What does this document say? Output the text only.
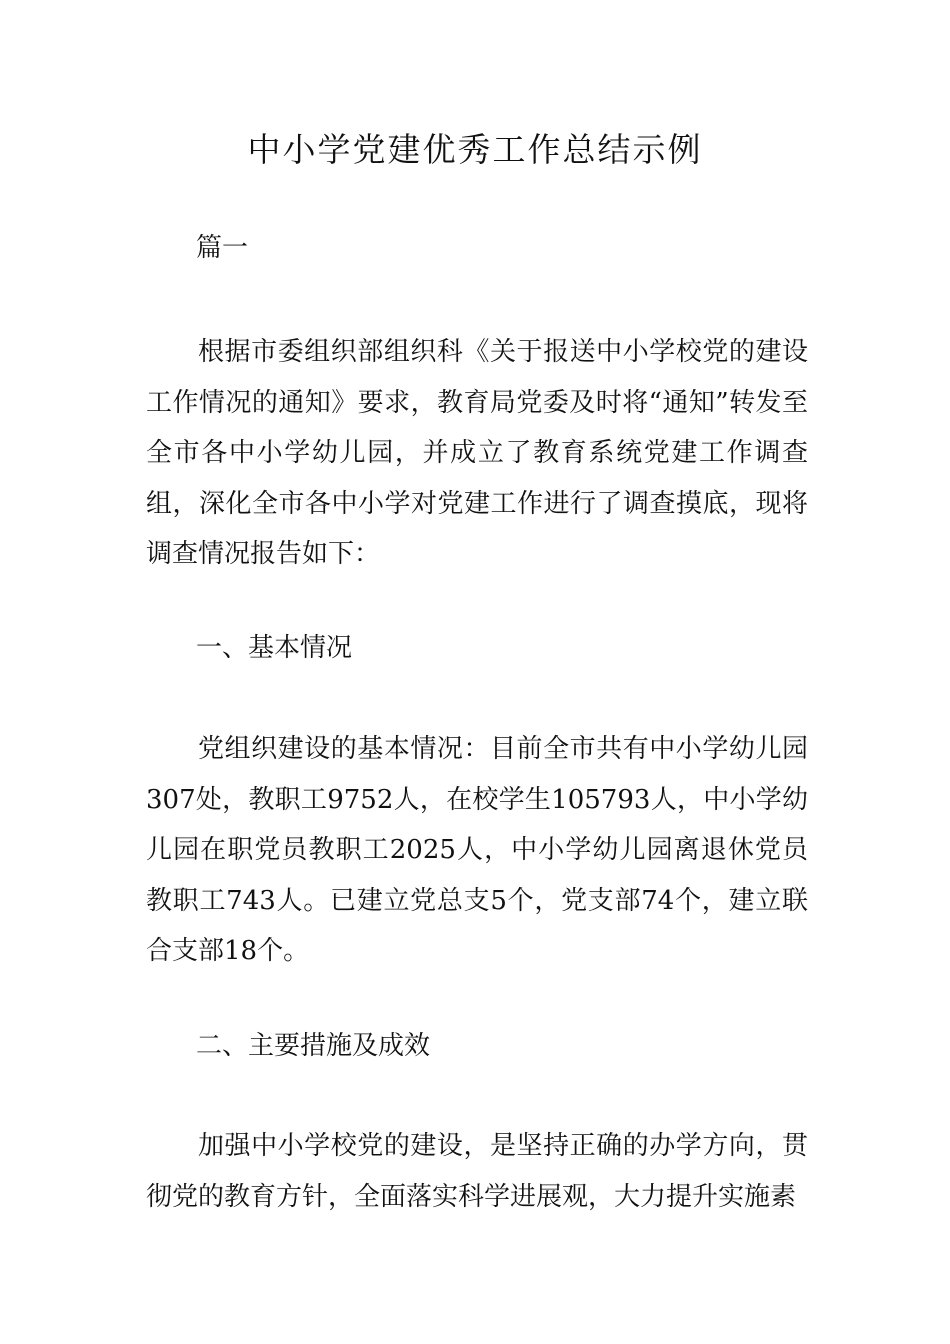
中小学党建优秀工作总结示例

篇一

根据市委组织部组织科《关于报送中小学校党的建设工作情况的通知》要求，教育局党委及时将“通知”转发至全市各中小学幼儿园，并成立了教育系统党建工作调查组，深化全市各中小学对党建工作进行了调查摸底，现将调查情况报告如下：

一、基本情况

党组织建设的基本情况：目前全市共有中小学幼儿园307处，教职工9752人，在校学生105793人，中小学幼儿园在职党员教职工2025人，中小学幼儿园离退休党员教职工743人。已建立党总支5个，党支部74个，建立联合支部18个。

二、主要措施及成效

加强中小学校党的建设，是坚持正确的办学方向，贯彻党的教育方针，全面落实科学进展观，大力提升实施素
